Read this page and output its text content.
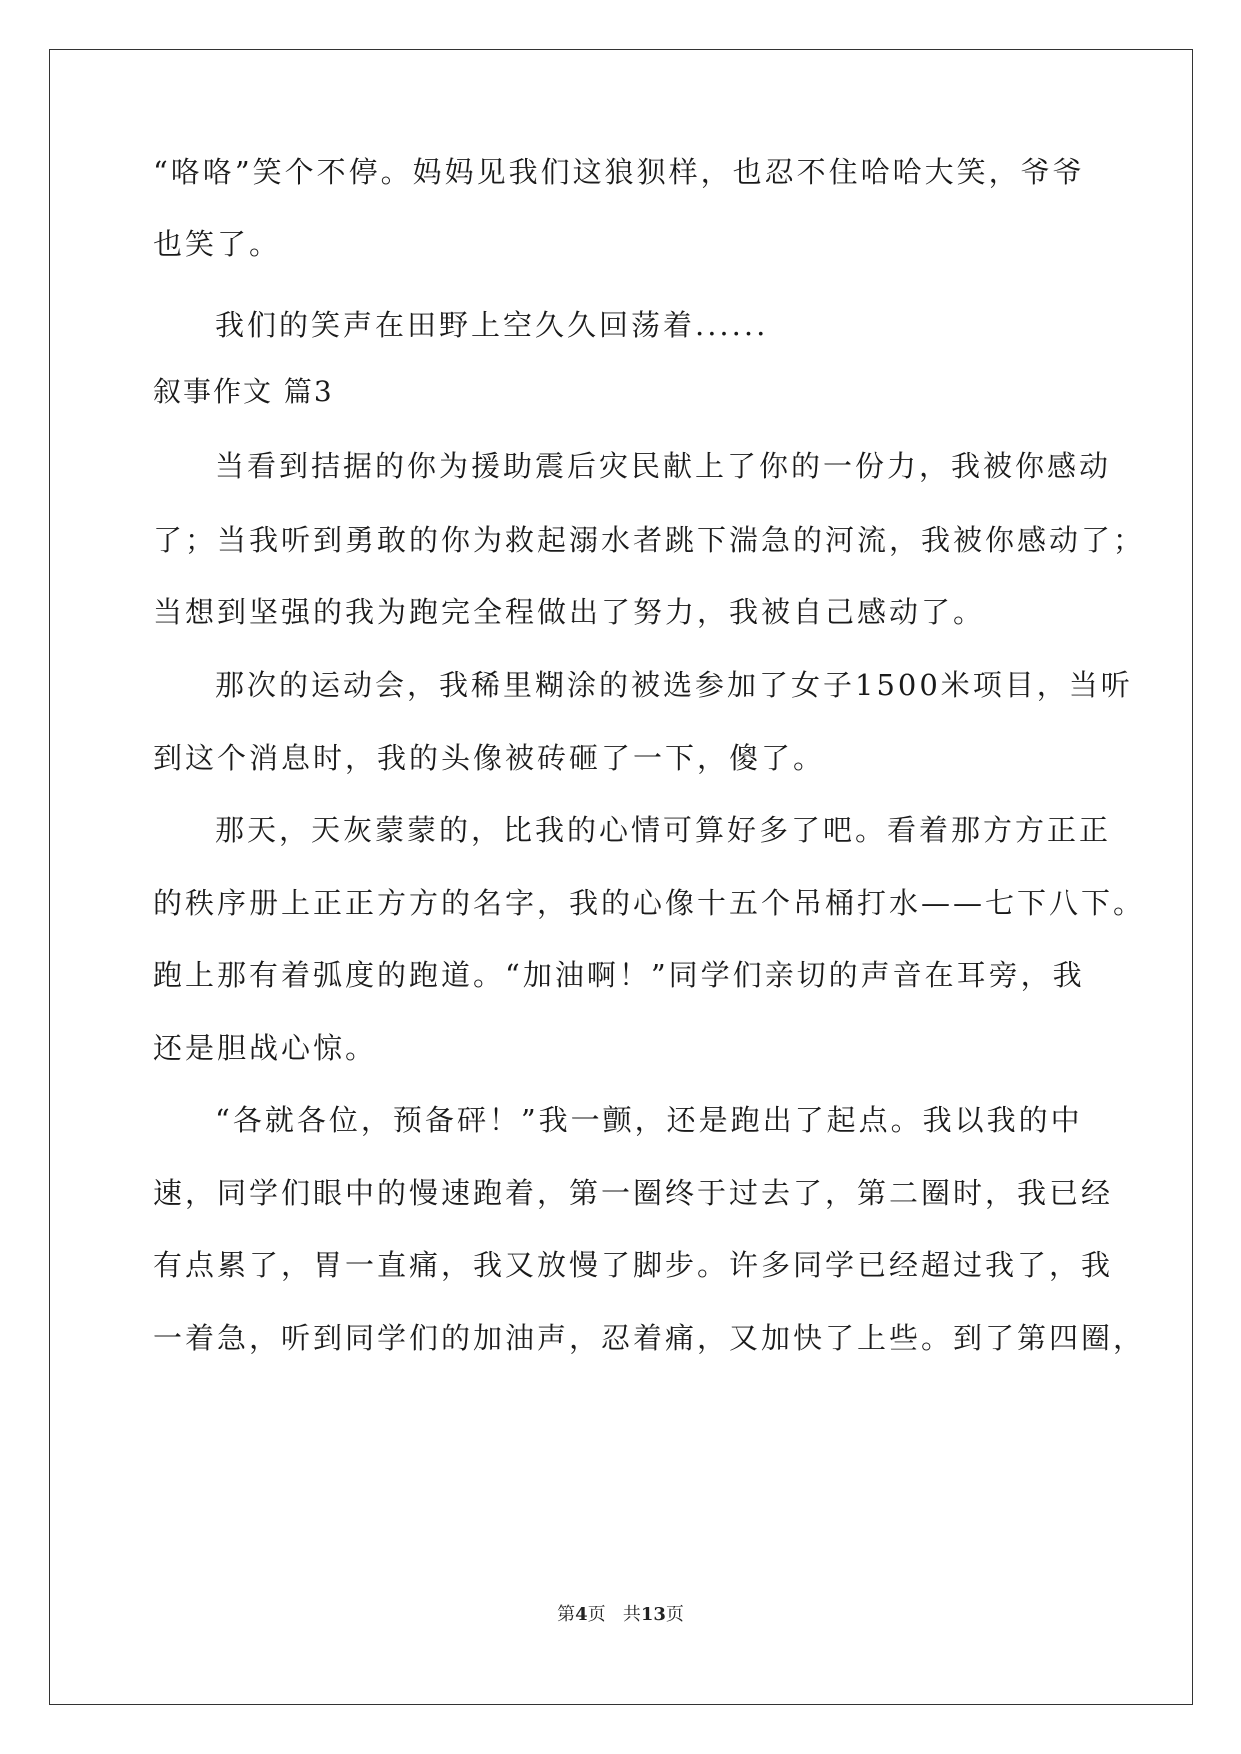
“咯咯”笑个不停。妈妈见我们这狼狈样，也忍不住哈哈大笑，爷爷
也笑了。
我们的笑声在田野上空久久回荡着......
叙事作文 篇3
当看到拮据的你为援助震后灾民献上了你的一份力，我被你感动
了；当我听到勇敢的你为救起溺水者跳下湍急的河流，我被你感动了；
当想到坚强的我为跑完全程做出了努力，我被自己感动了。
那次的运动会，我稀里糊涂的被选参加了女子1500米项目，当听
到这个消息时，我的头像被砖砸了一下，傻了。
那天，天灰蒙蒙的，比我的心情可算好多了吧。看着那方方正正
的秩序册上正正方方的名字，我的心像十五个吊桶打水——七下八下。
跑上那有着弧度的跑道。“加油啊！”同学们亲切的声音在耳旁，我
还是胆战心惊。
“各就各位，预备砰！”我一颤，还是跑出了起点。我以我的中
速，同学们眼中的慢速跑着，第一圈终于过去了，第二圈时，我已经
有点累了，胃一直痛，我又放慢了脚步。许多同学已经超过我了，我
一着急，听到同学们的加油声，忍着痛，又加快了上些。到了第四圈，
第4页 共13页
